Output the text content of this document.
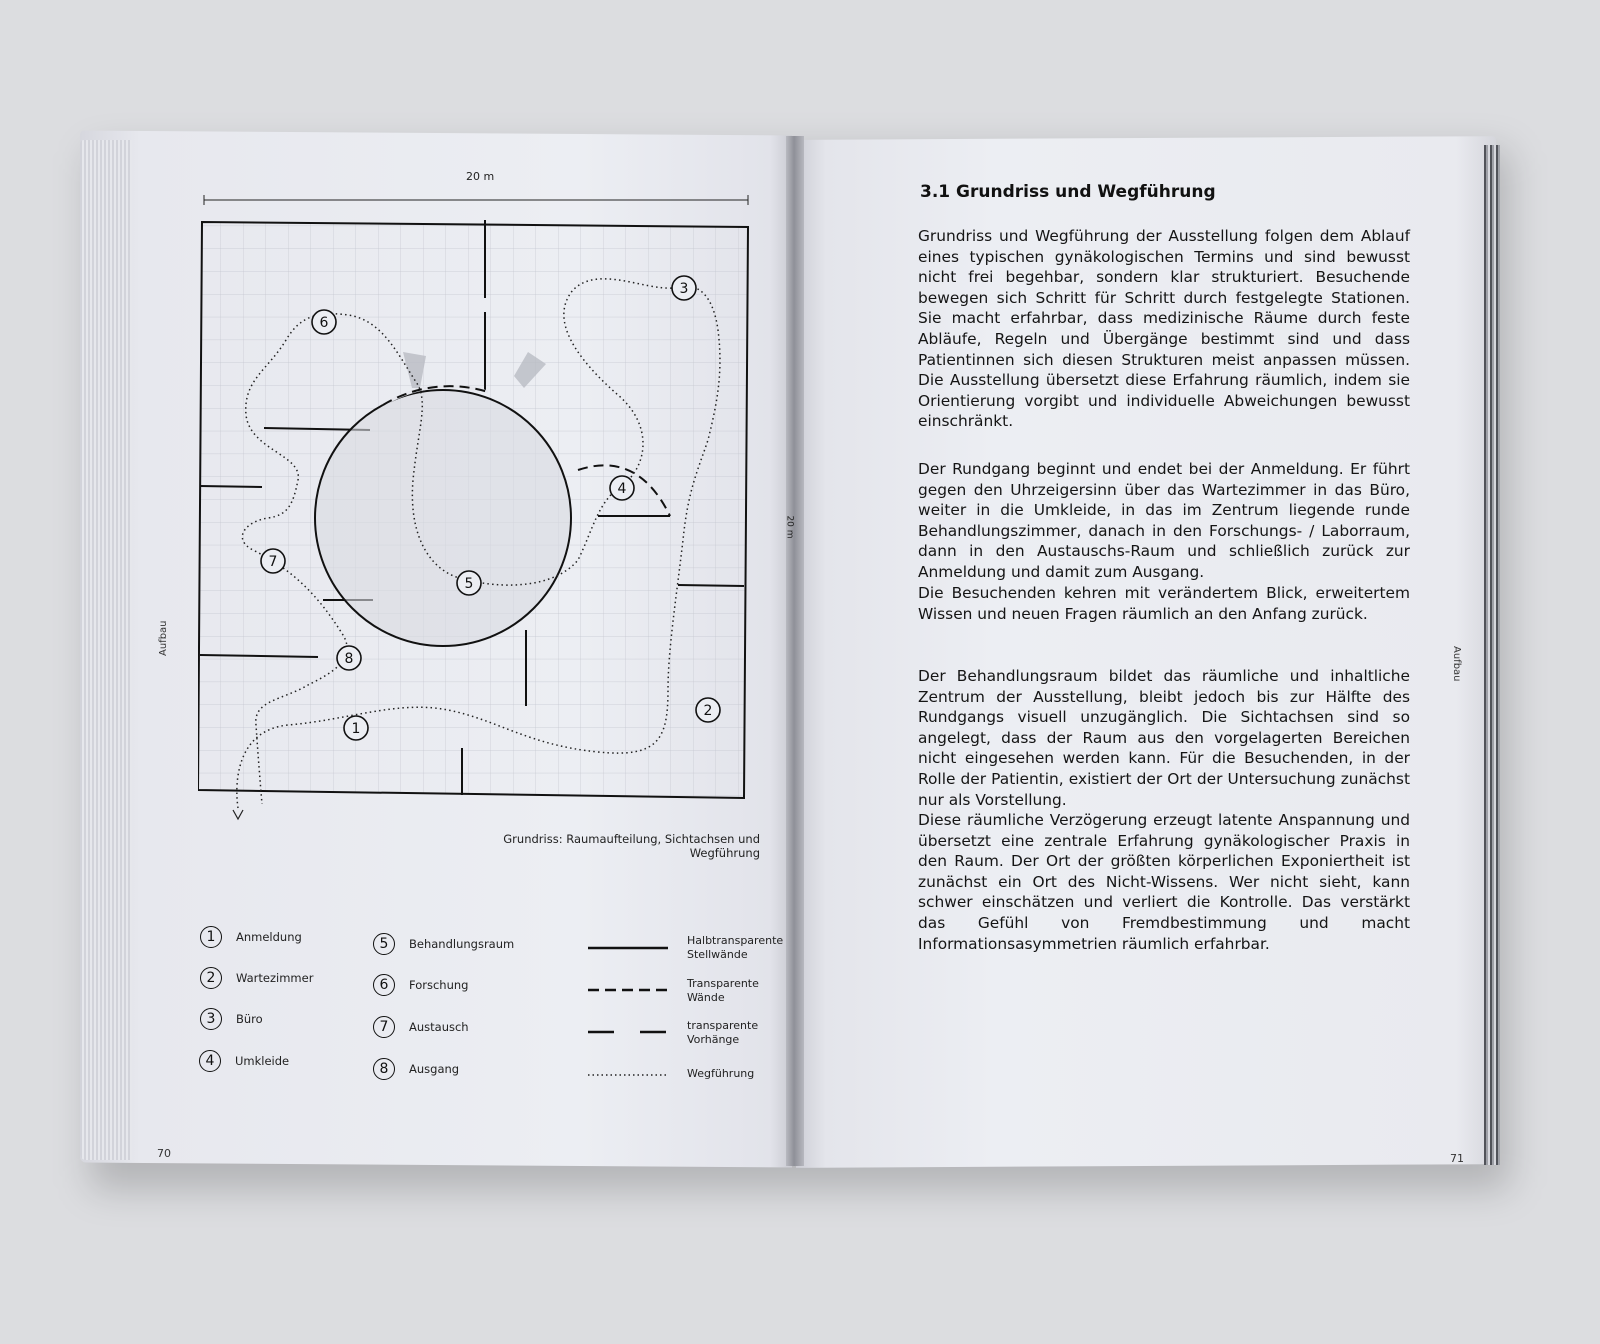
20 m
20 m
1
2
3
4
5
6
7
8
Grundriss: Raumaufteilung, Sichtachsen und Wegführung
1	Anmeldung
2	Wartezimmer
3	Büro
4	Umkleide
5	Behandlungsraum
6	Forschung
7	Austausch
8	Ausgang
Halbtransparente Stellwände
Transparente Wände
transparente Vorhänge
Wegführung
Aufbau
70
3.1 Grundriss und Wegführung

Grundriss und Wegführung der Ausstellung folgen dem Ablauf eines typischen gynäkologischen Termins und sind bewusst nicht frei begehbar, sondern klar strukturiert. Besuchende bewegen sich Schritt für Schritt durch festgelegte Stationen. Sie macht erfahrbar, dass medizinische Räume durch feste Abläufe, Regeln und Übergänge bestimmt sind und dass Patientinnen sich diesen Strukturen meist anpassen müssen. Die Ausstellung übersetzt diese Erfahrung räumlich, indem sie Orientierung vorgibt und individuelle Abweichungen bewusst einschränkt.

Der Rundgang beginnt und endet bei der Anmeldung. Er führt gegen den Uhrzeigersinn über das Wartezimmer in das Büro, weiter in die Umkleide, in das im Zentrum liegende runde Behandlungszimmer, danach in den Forschungs- / Laborraum, dann in den Austauschs-Raum und schließlich zurück zur Anmeldung und damit zum Ausgang.

Die Besuchenden kehren mit verändertem Blick, erweitertem Wissen und neuen Fragen räumlich an den Anfang zurück.

Der Behandlungsraum bildet das räumliche und inhaltliche Zentrum der Ausstellung, bleibt jedoch bis zur Hälfte des Rundgangs visuell unzugänglich. Die Sichtachsen sind so angelegt, dass der Raum aus den vorgelagerten Bereichen nicht eingesehen werden kann. Für die Besuchenden, in der Rolle der Patientin, existiert der Ort der Untersuchung zunächst nur als Vorstellung.

Diese räumliche Verzögerung erzeugt latente Anspannung und übersetzt eine zentrale Erfahrung gynäkologischer Praxis in den Raum. Der Ort der größten körperlichen Exponiertheit ist zunächst ein Ort des Nicht-Wissens. Wer nicht sieht, kann schwer einschätzen und verliert die Kontrolle. Das verstärkt das Gefühl von Fremdbestimmung und macht Informationsasymmetrien räumlich erfahrbar.

Aufbau
71
